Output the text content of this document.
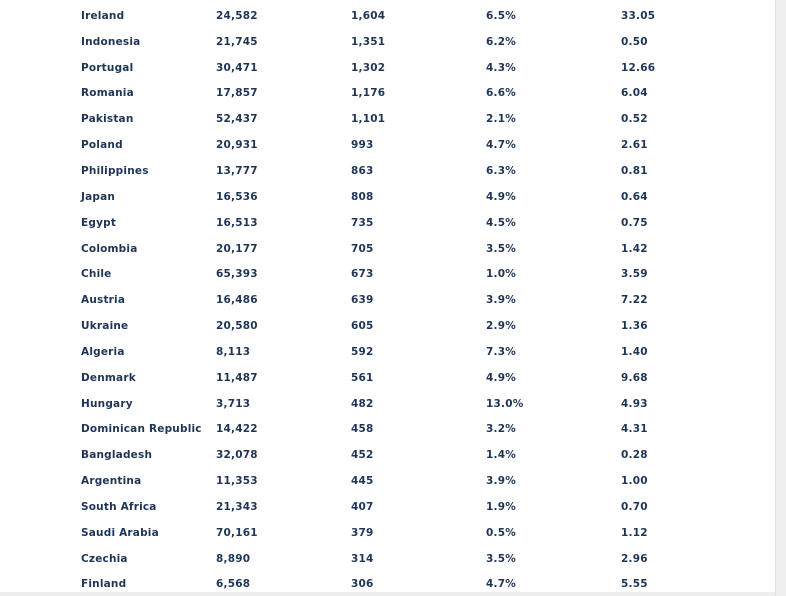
Ireland	24,582	1,604	6.5%	33.05
Indonesia	21,745	1,351	6.2%	0.50
Portugal	30,471	1,302	4.3%	12.66
Romania	17,857	1,176	6.6%	6.04
Pakistan	52,437	1,101	2.1%	0.52
Poland	20,931	993	4.7%	2.61
Philippines	13,777	863	6.3%	0.81
Japan	16,536	808	4.9%	0.64
Egypt	16,513	735	4.5%	0.75
Colombia	20,177	705	3.5%	1.42
Chile	65,393	673	1.0%	3.59
Austria	16,486	639	3.9%	7.22
Ukraine	20,580	605	2.9%	1.36
Algeria	8,113	592	7.3%	1.40
Denmark	11,487	561	4.9%	9.68
Hungary	3,713	482	13.0%	4.93
Dominican Republic	14,422	458	3.2%	4.31
Bangladesh	32,078	452	1.4%	0.28
Argentina	11,353	445	3.9%	1.00
South Africa	21,343	407	1.9%	0.70
Saudi Arabia	70,161	379	0.5%	1.12
Czechia	8,890	314	3.5%	2.96
Finland	6,568	306	4.7%	5.55
